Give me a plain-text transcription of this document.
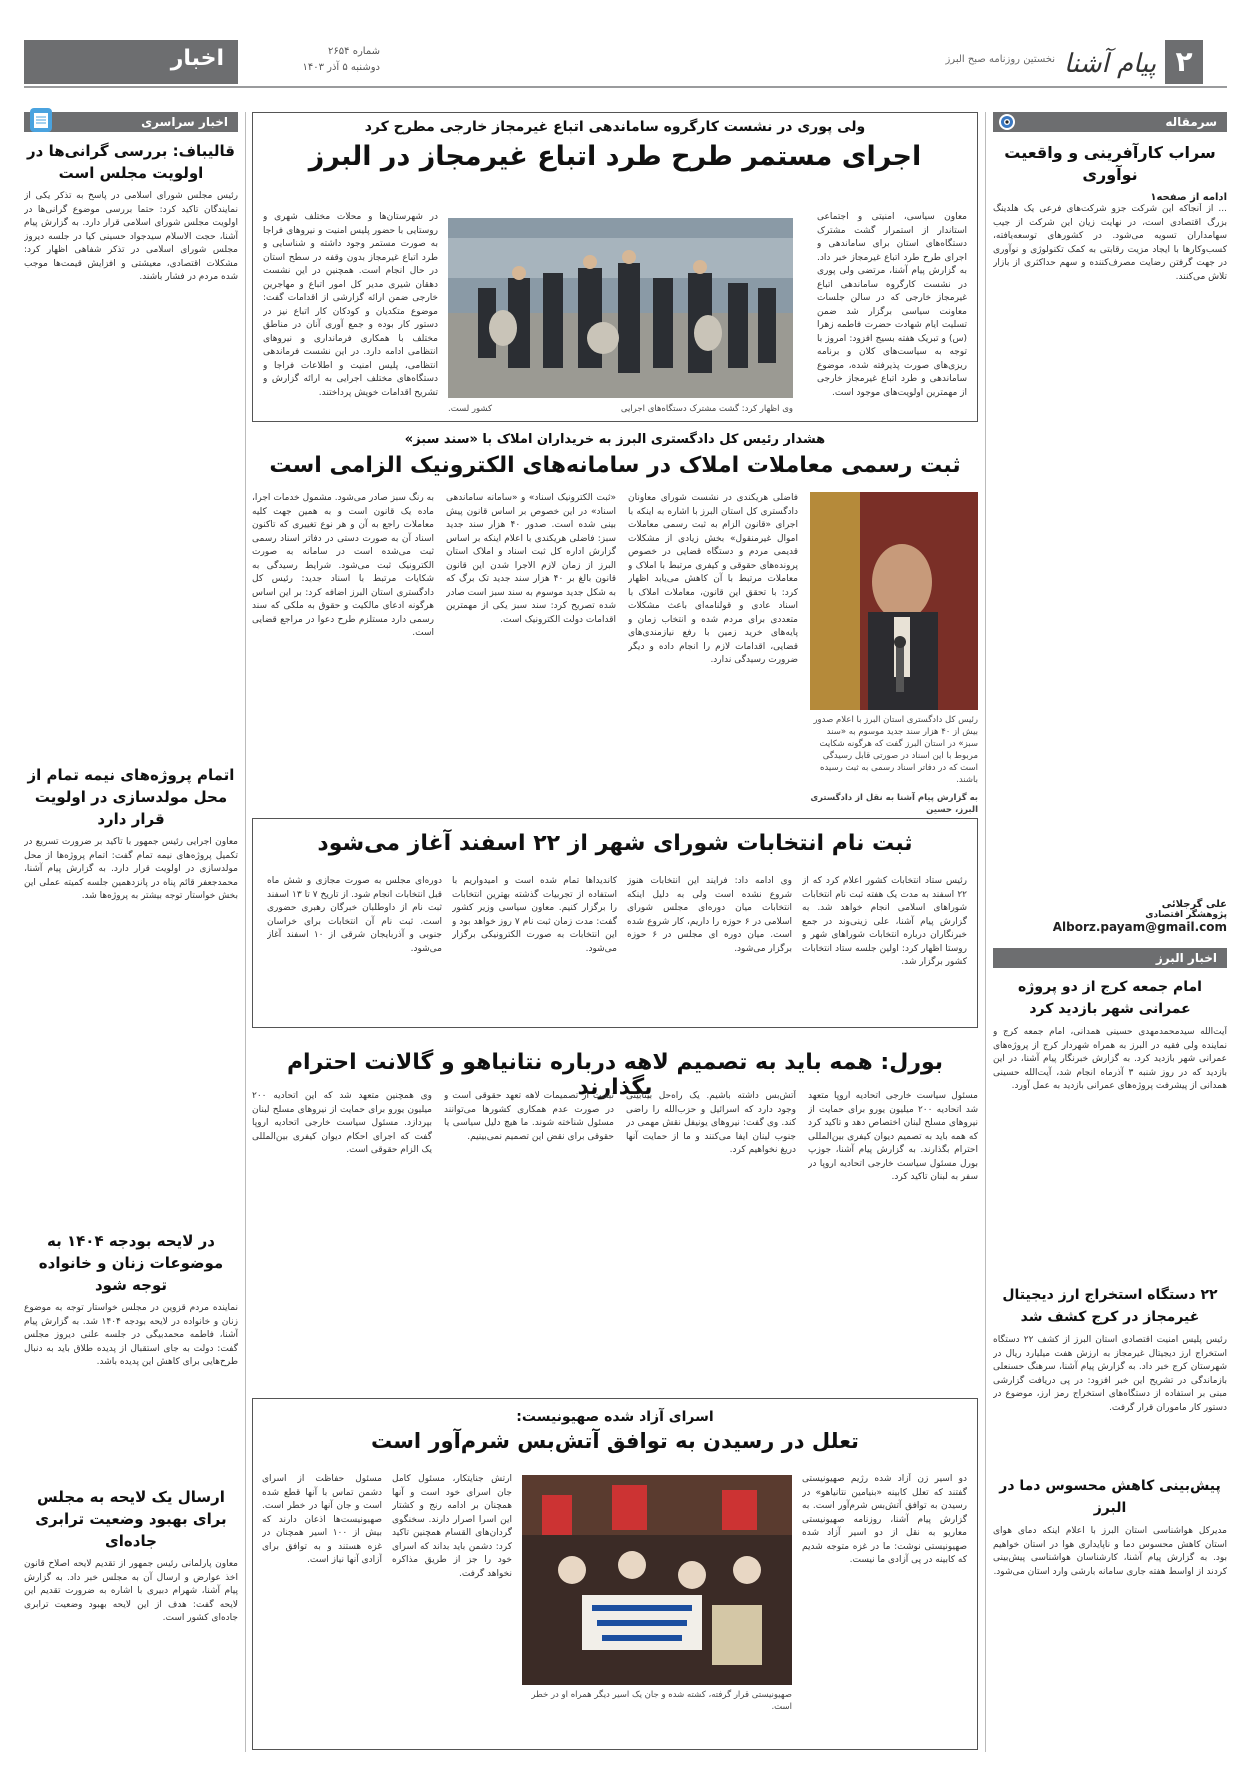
اخبار	شماره ۲۶۵۴
دوشنبه ۵ آذر ۱۴۰۳
نخستین روزنامه صبح البرز پیام آشنا ۲
سرمقاله
سراب کارآفرینی و واقعیت نوآوری
ادامه از صفحه۱
... از آنجاکه این شرکت جزو شرکت‌های فرعی یک هلدینگ بزرگ اقتصادی است، در نهایت زیان این شرکت از جیب سهامداران تسویه می‌شود. در کشورهای توسعه‌یافته، کسب‌وکارها با ایجاد مزیت رقابتی به کمک تکنولوژی و نوآوری در جهت گرفتن رضایت مصرف‌کننده و سهم حداکثری از بازار تلاش می‌کنند.
علی گرجلائی
پژوهشگر اقتصادی
Alborz.payam@gmail.com
اخبار البرز
امام جمعه کرج از دو پروژه عمرانی شهر بازدید کرد
آیت‌الله سیدمحمدمهدی حسینی همدانی، امام جمعه کرج و نماینده ولی فقیه در البرز به همراه شهردار کرج از پروژه‌های عمرانی شهر بازدید کرد. به گزارش خبرنگار پیام آشنا، در این بازدید که در روز شنبه ۳ آذرماه انجام شد، آیت‌الله حسینی همدانی از پیشرفت پروژه‌های عمرانی بازدید به عمل آورد.
۲۲ دستگاه استخراج ارز دیجیتال غیرمجاز در کرج کشف شد
رئیس پلیس امنیت اقتصادی استان البرز از کشف ۲۲ دستگاه استخراج ارز دیجیتال غیرمجاز به ارزش هفت میلیارد ریال در شهرستان کرج خبر داد. به گزارش پیام آشنا، سرهنگ حسنعلی بازماندگی در تشریح این خبر افزود: در پی دریافت گزارشی مبنی بر استفاده از دستگاه‌های استخراج رمز ارز، موضوع در دستور کار ماموران قرار گرفت.
پیش‌بینی کاهش محسوس دما در البرز
مدیرکل هواشناسی استان البرز با اعلام اینکه دمای هوای استان کاهش محسوس دما و ناپایداری هوا در استان خواهیم بود. به گزارش پیام آشنا، کارشناسان هواشناسی پیش‌بینی کردند از اواسط هفته جاری سامانه بارشی وارد استان می‌شود.
اخبار سراسری
قالیباف: بررسی گرانی‌ها در اولویت مجلس است
رئیس مجلس شورای اسلامی در پاسخ به تذکر یکی از نمایندگان تاکید کرد: حتما بررسی موضوع گرانی‌ها در اولویت مجلس شورای اسلامی قرار دارد. به گزارش پیام آشنا، حجت الاسلام سیدجواد حسینی کیا در جلسه دیروز مجلس شورای اسلامی در تذکر شفاهی اظهار کرد: مشکلات اقتصادی، معیشتی و افزایش قیمت‌ها موجب شده مردم در فشار باشند.
اتمام پروژه‌های نیمه تمام از محل مولدسازی در اولویت قرار دارد
معاون اجرایی رئیس جمهور با تاکید بر ضرورت تسریع در تکمیل پروژه‌های نیمه تمام گفت: اتمام پروژه‌ها از محل مولدسازی در اولویت قرار دارد. به گزارش پیام آشنا، محمدجعفر قائم پناه در پانزدهمین جلسه کمیته عملی این بخش خواستار توجه بیشتر به پروژه‌ها شد.
در لایحه بودجه ۱۴۰۴ به موضوعات زنان و خانواده توجه شود
نماینده مردم قزوین در مجلس خواستار توجه به موضوع زنان و خانواده در لایحه بودجه ۱۴۰۴ شد. به گزارش پیام آشنا، فاطمه محمدبیگی در جلسه علنی دیروز مجلس گفت: دولت به جای استقبال از پدیده طلاق باید به دنبال طرح‌هایی برای کاهش این پدیده باشد.
ارسال یک لایحه به مجلس برای بهبود وضعیت ترابری جاده‌ای
معاون پارلمانی رئیس جمهور از تقدیم لایحه اصلاح قانون اخذ عوارض و ارسال آن به مجلس خبر داد. به گزارش پیام آشنا، شهرام دبیری با اشاره به ضرورت تقدیم این لایحه گفت: هدف از این لایحه بهبود وضعیت ترابری جاده‌ای کشور است.
ولی پوری در نشست کارگروه ساماندهی اتباع غیرمجاز خارجی مطرح کرد
اجرای مستمر طرح طرد اتباع غیرمجاز در البرز
معاون سیاسی، امنیتی و اجتماعی استاندار از استمرار گشت مشترک دستگاه‌های استان برای ساماندهی و اجرای طرح طرد اتباع غیرمجاز خبر داد. به گزارش پیام آشنا، مرتضی ولی پوری در نشست کارگروه ساماندهی اتباع غیرمجاز خارجی که در سالن جلسات معاونت سیاسی برگزار شد ضمن تسلیت ایام شهادت حضرت فاطمه زهرا (س) و تبریک هفته بسیج افزود: امروز با توجه به سیاست‌های کلان و برنامه ریزی‌های صورت پذیرفته شده، موضوع ساماندهی و طرد اتباع غیرمجاز خارجی از مهمترین اولویت‌های موجود است.
وی اظهار کرد: گشت مشترک دستگاه‌های اجرایی
کشور لست.
در شهرستان‌ها و محلات مختلف شهری و روستایی با حضور پلیس امنیت و نیروهای فراجا به صورت مستمر وجود داشته و شناسایی و طرد اتباع غیرمجاز بدون وقفه در سطح استان در حال انجام است. همچنین در این نشست دهقان شیری مدیر کل امور اتباع و مهاجرین خارجی ضمن ارائه گزارشی از اقدامات گفت: موضوع متکدیان و کودکان کار اتباع نیز در دستور کار بوده و جمع آوری آنان در مناطق مختلف با همکاری فرمانداری و نیروهای انتظامی ادامه دارد. در این نشست فرماندهی انتظامی، پلیس امنیت و اطلاعات فراجا و دستگاه‌های مختلف اجرایی به ارائه گزارش و تشریح اقدامات خویش پرداختند.
هشدار رئیس کل دادگستری البرز به خریداران املاک با «سند سبز»
ثبت رسمی معاملات املاک در سامانه‌های الکترونیک الزامی است
رئیس کل دادگستری استان البرز با اعلام صدور بیش از ۴۰ هزار سند جدید موسوم به «سند سبز» در استان البرز گفت که هرگونه شکایت مربوط با این اسناد در صورتی قابل رسیدگی است که در دفاتر اسناد رسمی به ثبت رسیده باشند.
به گزارش پیام آشنا به نقل از دادگستری البرز، حسین
فاضلی هریکندی در نشست شورای معاونان دادگستری کل استان البرز با اشاره به اینکه با اجرای «قانون الزام به ثبت رسمی معاملات اموال غیرمنقول» بخش زیادی از مشکلات قدیمی مردم و دستگاه قضایی در خصوص پرونده‌های حقوقی و کیفری مرتبط با املاک و معاملات مرتبط با آن کاهش می‌یابد اظهار کرد: با تحقق این قانون، معاملات املاک با اسناد عادی و قولنامه‌ای باعث مشکلات متعددی برای مردم شده و انتخاب زمان و پایه‌های خرید زمین با رفع نیازمندی‌های قضایی، اقدامات لازم را انجام داده و دیگر ضرورت رسیدگی ندارد.
«ثبت الکترونیک اسناد» و «سامانه ساماندهی اسناد» در این خصوص بر اساس قانون پیش بینی شده است. صدور ۴۰ هزار سند جدید سبز: فاضلی هریکندی با اعلام اینکه بر اساس گزارش اداره کل ثبت اسناد و املاک استان البرز از زمان لازم الاجرا شدن این قانون قانون بالغ بر ۴۰ هزار سند جدید تک برگ که به شکل جدید موسوم به سند سبز است صادر شده تصریح کرد: سند سبز یکی از مهمترین اقدامات دولت الکترونیک است.
به رنگ سبز صادر می‌شود. مشمول خدمات اجرا، ماده یک قانون است و به همین جهت کلیه معاملات راجع به آن و هر نوع تغییری که تاکنون اسناد آن به صورت دستی در دفاتر اسناد رسمی ثبت می‌شده است در سامانه به صورت الکترونیک ثبت می‌شود. شرایط رسیدگی به شکایات مرتبط با اسناد جدید: رئیس کل دادگستری استان البرز اضافه کرد: بر این اساس هرگونه ادعای مالکیت و حقوق به ملکی که سند رسمی دارد مستلزم طرح دعوا در مراجع قضایی است.
ثبت نام انتخابات شورای شهر از ۲۲ اسفند آغاز می‌شود
رئیس ستاد انتخابات کشور اعلام کرد که از ۲۲ اسفند به مدت یک هفته ثبت نام انتخابات شوراهای اسلامی انجام خواهد شد. به گزارش پیام آشنا، علی زینی‌وند در جمع خبرنگاران درباره انتخابات شوراهای شهر و روستا اظهار کرد: اولین جلسه ستاد انتخابات کشور برگزار شد.
وی ادامه داد: فرایند این انتخابات هنوز شروع نشده است ولی به دلیل اینکه انتخابات میان دوره‌ای مجلس شورای اسلامی در ۶ حوزه را داریم، کار شروع شده است. میان دوره ای مجلس در ۶ حوزه برگزار می‌شود.
کاندیداها تمام شده است و امیدواریم با استفاده از تجربیات گذشته بهترین انتخابات را برگزار کنیم. معاون سیاسی وزیر کشور گفت: مدت زمان ثبت نام ۷ روز خواهد بود و این انتخابات به صورت الکترونیکی برگزار می‌شود.
دوره‌ای مجلس به صورت مجازی و شش ماه قبل انتخابات انجام شود. از تاریخ ۷ تا ۱۳ اسفند ثبت نام از داوطلبان خبرگان رهبری حضوری است. ثبت نام آن انتخابات برای خراسان جنوبی و آذربایجان شرقی از ۱۰ اسفند آغاز می‌شود.
بورل: همه باید به تصمیم لاهه درباره نتانیاهو و گالانت احترام بگذارند	مسئول سیاست خارجی اتحادیه اروپا متعهد شد اتحادیه ۲۰۰ میلیون یورو برای حمایت از نیروهای مسلح لبنان اختصاص دهد و تاکید کرد که همه باید به تصمیم دیوان کیفری بین‌المللی احترام بگذارند. به گزارش پیام آشنا، جوزپ بورل مسئول سیاست خارجی اتحادیه اروپا در سفر به لبنان تاکید کرد.
آتش‌بس داشته باشیم. یک راه‌حل بینابینی وجود دارد که اسرائیل و حزب‌الله را راضی کند. وی گفت: نیروهای یونیفل نقش مهمی در جنوب لبنان ایفا می‌کنند و ما از حمایت آنها دریغ نخواهیم کرد.
تبعیت از تصمیمات لاهه تعهد حقوقی است و در صورت عدم همکاری کشورها می‌توانند مسئول شناخته شوند. ما هیچ دلیل سیاسی یا حقوقی برای نقض این تصمیم نمی‌بینیم.
وی همچنین متعهد شد که این اتحادیه ۲۰۰ میلیون یورو برای حمایت از نیروهای مسلح لبنان بپردازد. مسئول سیاست خارجی اتحادیه اروپا گفت که اجرای احکام دیوان کیفری بین‌المللی یک الزام حقوقی است.
اسرای آزاد شده صهیونیست:
تعلل در رسیدن به توافق آتش‌بس شرم‌آور است
دو اسیر زن آزاد شده رژیم صهیونیستی گفتند که تعلل کابینه «بنیامین نتانیاهو» در رسیدن به توافق آتش‌بس شرم‌آور است. به گزارش پیام آشنا، روزنامه صهیونیستی معاریو به نقل از دو اسیر آزاد شده صهیونیستی نوشت: ما در غزه متوجه شدیم که کابینه در پی آزادی ما نیست.
صهیونیستی قرار گرفته، کشته شده و جان یک اسیر دیگر همراه او در خطر است.
ارتش جنایتکار، مسئول کامل جان اسرای خود است و آنها همچنان بر ادامه رنج و کشتار این اسرا اصرار دارند. سخنگوی گردان‌های القسام همچنین تاکید کرد: دشمن باید بداند که اسرای خود را جز از طریق مذاکره نخواهد گرفت.
مسئول حفاظت از اسرای دشمن تماس با آنها قطع شده است و جان آنها در خطر است. صهیونیست‌ها اذعان دارند که بیش از ۱۰۰ اسیر همچنان در غزه هستند و به توافق برای آزادی آنها نیاز است.
